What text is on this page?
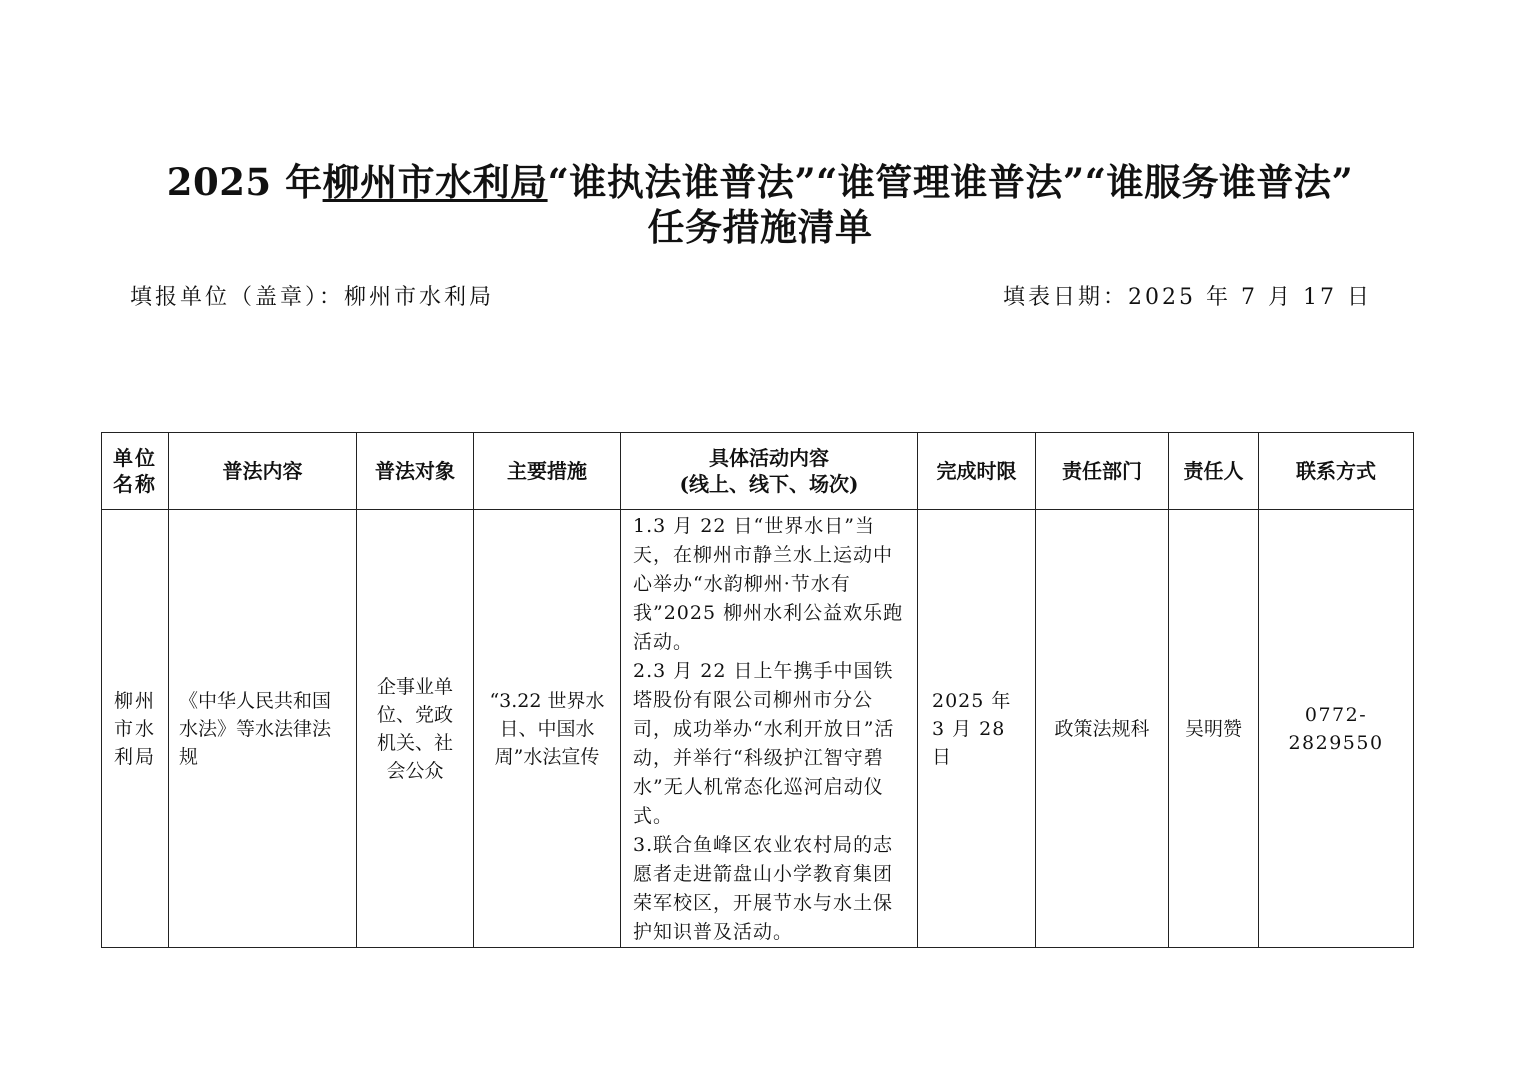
2025 年柳州市水利局“谁执法谁普法”“谁管理谁普法”“谁服务谁普法”
任务措施清单
填报单位（盖章）：柳州市水利局	填表日期：2025 年 7 月 17 日
单位名称	普法内容	普法对象	主要措施	具体活动内容
(线上、线下、场次)	完成时限	责任部门	责任人	联系方式
柳州市水利局	《中华人民共和国水法》等水法律法规	企事业单位、党政机关、社会公众	“3.22 世界水日、中国水周”水法宣传	1.3 月 22 日“世界水日”当天，在柳州市静兰水上运动中心举办“水韵柳州·节水有我”2025 柳州水利公益欢乐跑活动。
2.3 月 22 日上午携手中国铁塔股份有限公司柳州市分公司，成功举办“水利开放日”活动，并举行“科级护江智守碧水”无人机常态化巡河启动仪式。
3.联合鱼峰区农业农村局的志愿者走进箭盘山小学教育集团荣军校区，开展节水与水土保护知识普及活动。	2025 年 3 月 28 日	政策法规科	吴明赞	0772-2829550
